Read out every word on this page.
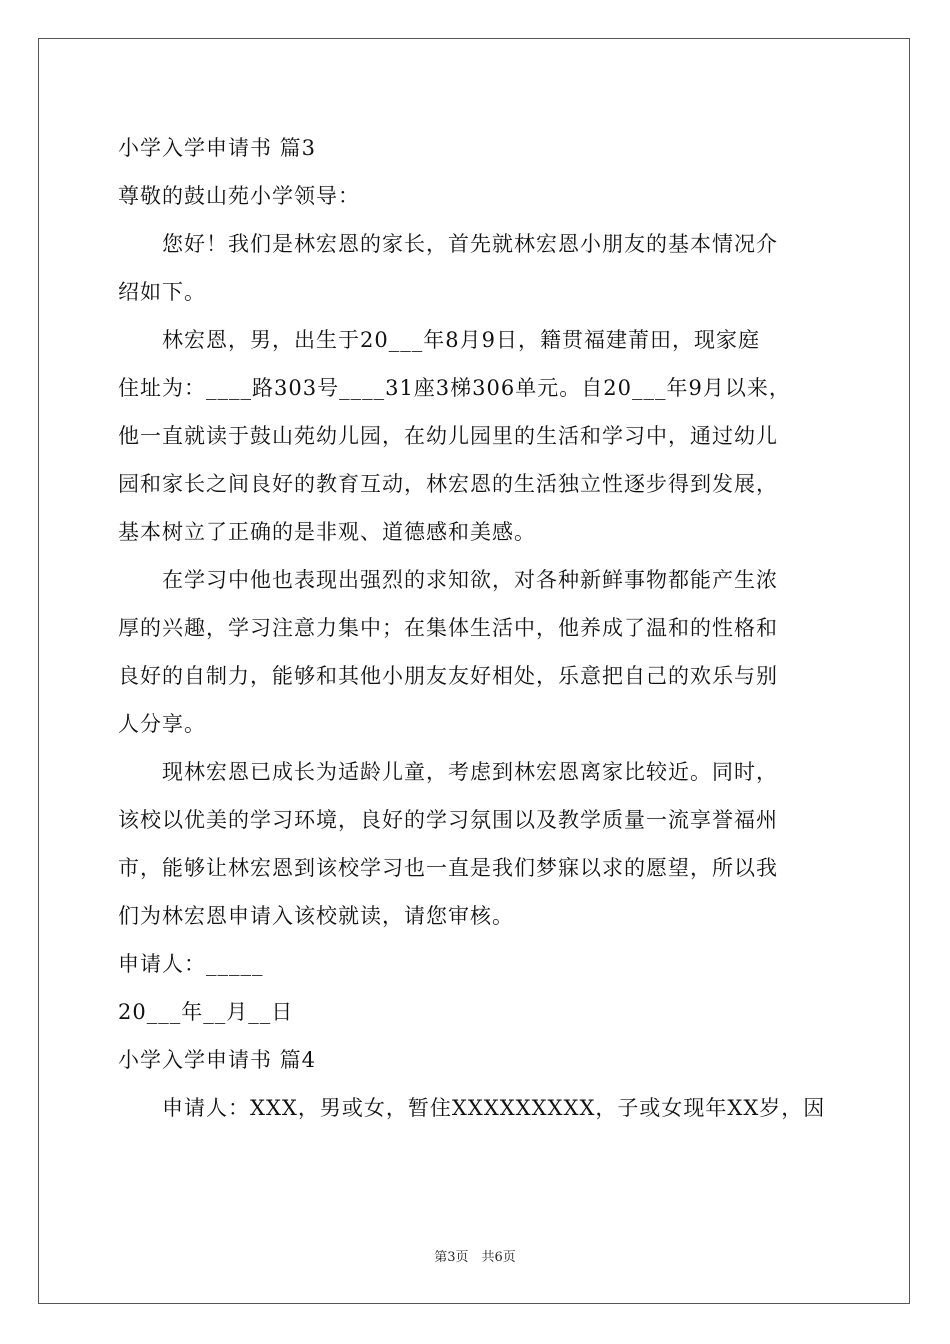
小学入学申请书 篇3
尊敬的鼓山苑小学领导：
您好！我们是林宏恩的家长，首先就林宏恩小朋友的基本情况介
绍如下。
林宏恩，男，出生于20___年8月9日，籍贯福建莆田，现家庭
住址为：____路303号____31座3梯306单元。自20___年9月以来，
他一直就读于鼓山苑幼儿园，在幼儿园里的生活和学习中，通过幼儿
园和家长之间良好的教育互动，林宏恩的生活独立性逐步得到发展，
基本树立了正确的是非观、道德感和美感。
在学习中他也表现出强烈的求知欲，对各种新鲜事物都能产生浓
厚的兴趣，学习注意力集中；在集体生活中，他养成了温和的性格和
良好的自制力，能够和其他小朋友友好相处，乐意把自己的欢乐与别
人分享。
现林宏恩已成长为适龄儿童，考虑到林宏恩离家比较近。同时，
该校以优美的学习环境，良好的学习氛围以及教学质量一流享誉福州
市，能够让林宏恩到该校学习也一直是我们梦寐以求的愿望，所以我
们为林宏恩申请入该校就读，请您审核。
申请人：_____
20___年__月__日
小学入学申请书 篇4
申请人：XXX，男或女，暂住XXXXXXXXX，子或女现年XX岁，因
第3页　共6页
